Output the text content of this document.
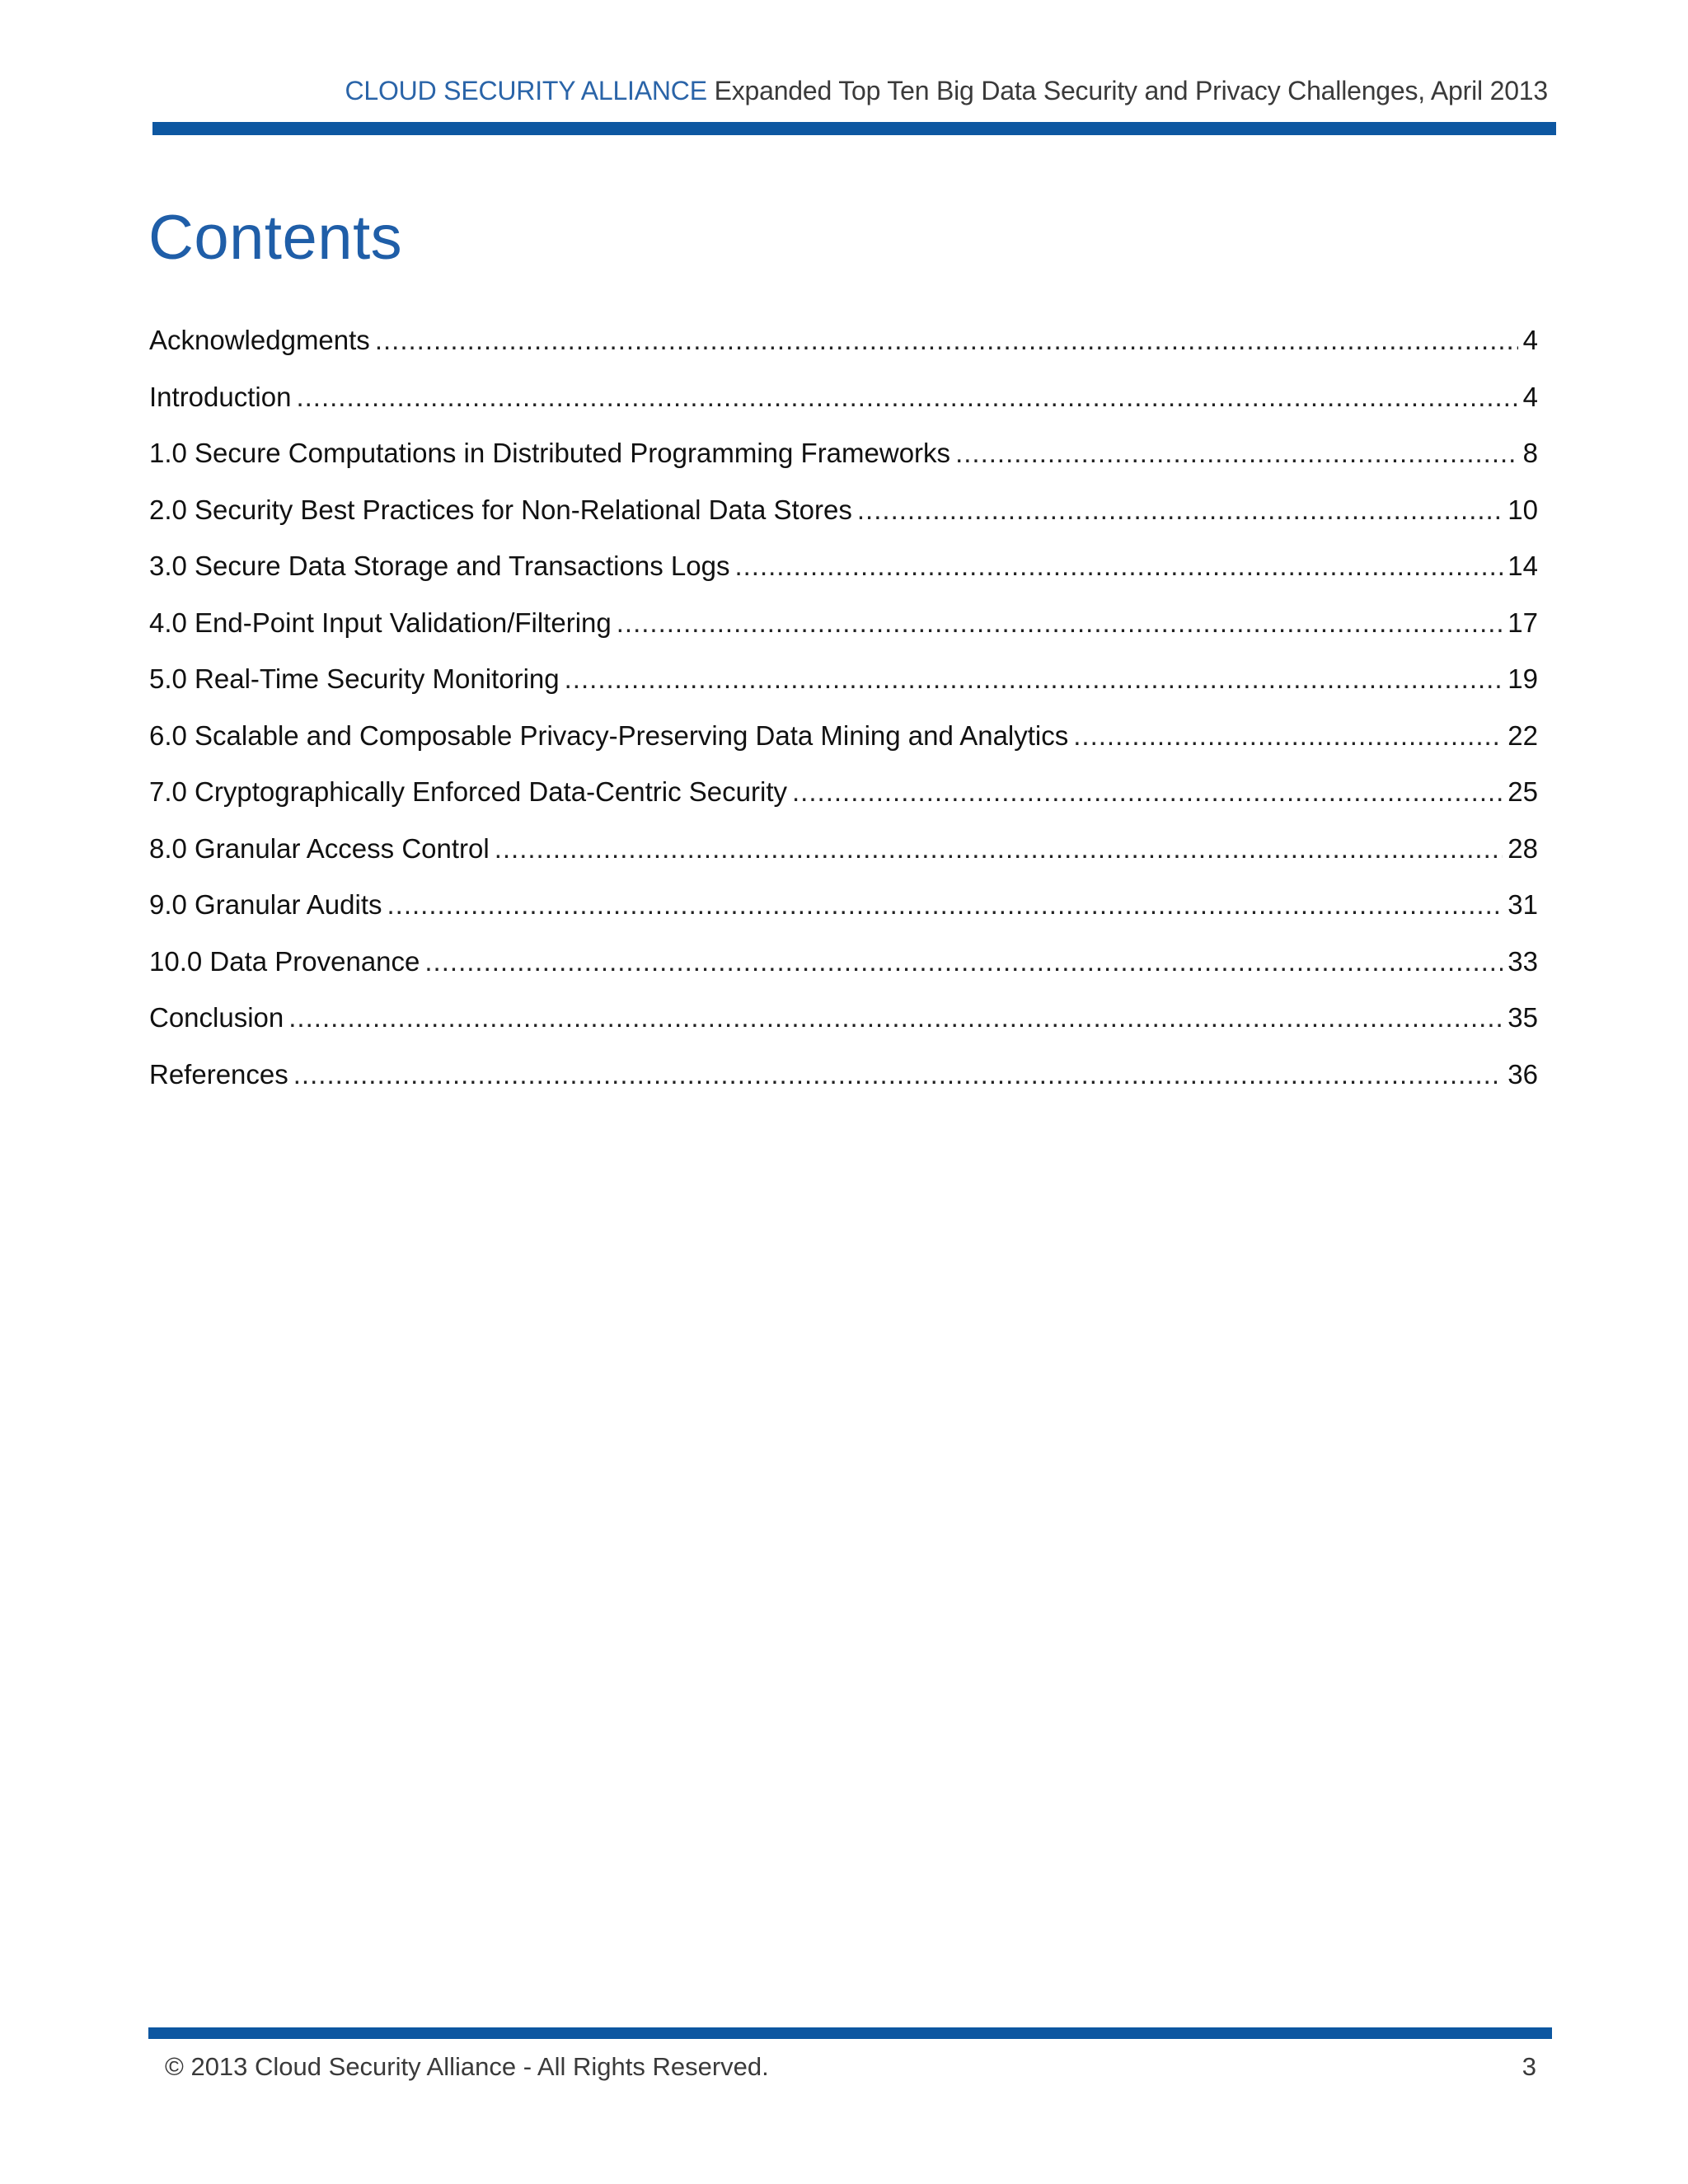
CLOUD SECURITY ALLIANCE Expanded Top Ten Big Data Security and Privacy Challenges, April 2013
Contents
Acknowledgments .....	4
Introduction .....	4
1.0 Secure Computations in Distributed Programming Frameworks .....	8
2.0 Security Best Practices for Non-Relational Data Stores .....	10
3.0 Secure Data Storage and Transactions Logs .....	14
4.0 End-Point Input Validation/Filtering .....	17
5.0 Real-Time Security Monitoring .....	19
6.0 Scalable and Composable Privacy-Preserving Data Mining and Analytics .....	22
7.0 Cryptographically Enforced Data-Centric Security .....	25
8.0 Granular Access Control .....	28
9.0 Granular Audits .....	31
10.0 Data Provenance .....	33
Conclusion .....	35
References .....	36
© 2013 Cloud Security Alliance - All Rights Reserved.	3
